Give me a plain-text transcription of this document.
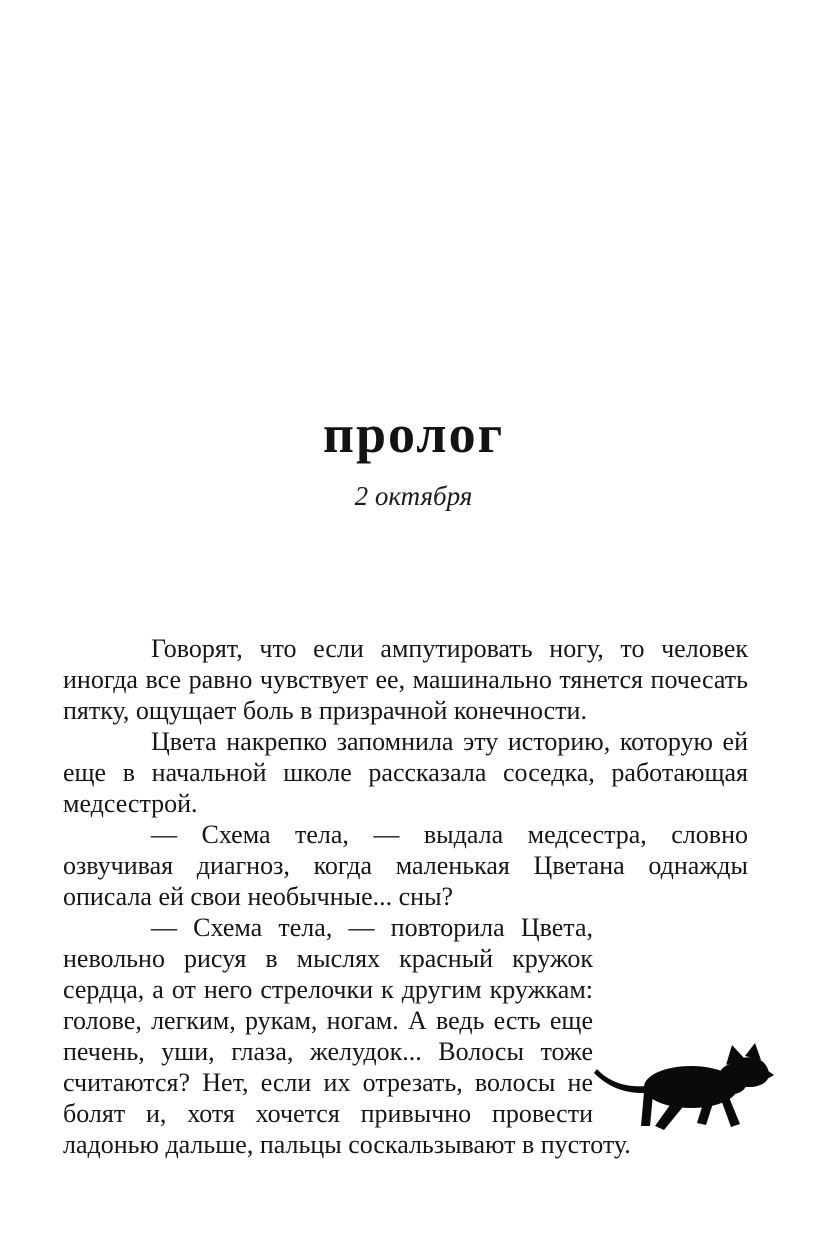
пролог
2 октября

Говорят, что если ампутировать ногу, то человек иногда все равно чувствует ее, машинально тянется почесать пятку, ощущает боль в призрачной конечности.

Цвета накрепко запомнила эту историю, которую ей еще в начальной школе рассказала соседка, работающая медсестрой.

— Схема тела, — выдала медсестра, словно озвучивая диагноз, когда маленькая Цветана однажды описала ей свои необычные... сны?

— Схема тела, — повторила Цвета, невольно рисуя в мыслях красный кружок сердца, а от него стрелочки к другим кружкам: голове, легким, рукам, ногам. А ведь есть еще печень, уши, глаза, желудок... Волосы тоже считаются? Нет, если их отрезать, волосы не болят и, хотя хочется привычно провести ладонью дальше, пальцы соскальзывают в пустоту.
